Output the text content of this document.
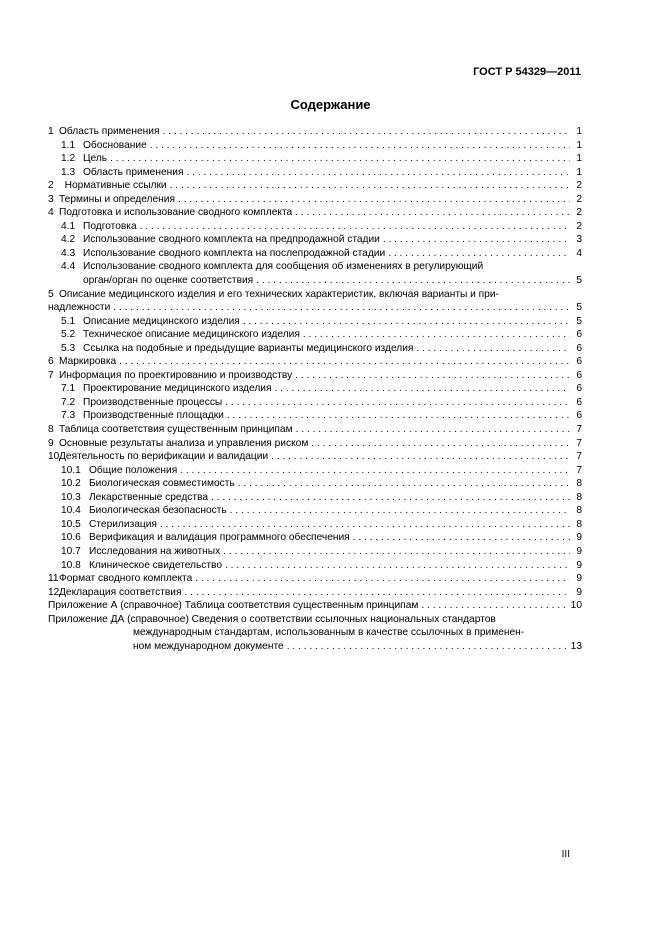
ГОСТ Р 54329—2011
Содержание
1 Область применения . . .	1
1.1 Обоснование . . .	1
1.2 Цель . . .	1
1.3 Область применения . . .	1
2 Нормативные ссылки . . .	2
3 Термины и определения . . .	2
4 Подготовка и использование сводного комплекта . . .	2
4.1 Подготовка . . .	2
4.2 Использование сводного комплекта на предпродажной стадии . . .	3
4.3 Использование сводного комплекта на послепродажной стадии . . .	4
4.4 Использование сводного комплекта для сообщения об изменениях в регулирующий
орган/орган по оценке соответствия . . .	5
5 Описание медицинского изделия и его технических характеристик, включая варианты и при-
надлежности . . .	5
5.1 Описание медицинского изделия . . .	5
5.2 Техническое описание медицинского изделия . . .	6
5.3 Ссылка на подобные и предыдущие варианты медицинского изделия . . .	6
6 Маркировка . . .	6
7 Информация по проектированию и производству . . .	6
7.1 Проектирование медицинского изделия . . .	6
7.2 Производственные процессы . . .	6
7.3 Производственные площадки . . .	6
8 Таблица соответствия существенным принципам . . .	7
9 Основные результаты анализа и управления риском . . .	7
10 Деятельность по верификации и валидации . . .	7
10.1 Общие положения . . .	7
10.2 Биологическая совместимость . . .	8
10.3 Лекарственные средства . . .	8
10.4 Биологическая безопасность . . .	8
10.5 Стерилизация . . .	8
10.6 Верификация и валидация программного обеспечения . . .	9
10.7 Исследования на животных . . .	9
10.8 Клиническое свидетельство . . .	9
11 Формат сводного комплекта . . .	9
12 Декларация соответствия . . .	9
Приложение А (справочное) Таблица соответствия существенным принципам . . .	10
Приложение ДА (справочное) Сведения о соответствии ссылочных национальных стандартов
международным стандартам, использованным в качестве ссылочных в применен-
ном международном документе . . .	13
III
